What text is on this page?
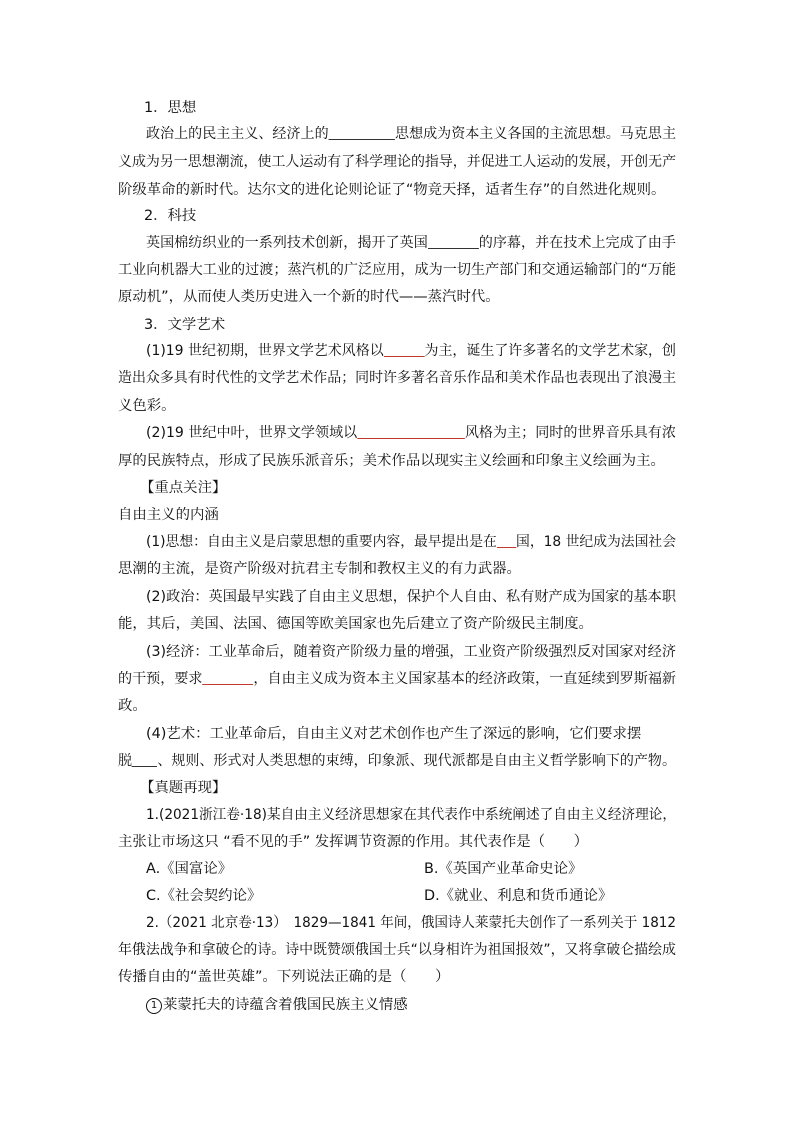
1．思想
政治上的民主主义、经济上的	思想成为资本主义各国的主流思想。马克思主
义成为另一思想潮流，使工人运动有了科学理论的指导，并促进工人运动的发展，开创无产
阶级革命的新时代。达尔文的进化论则论证了“物竞天择，适者生存”的自然进化规则。
2．科技
英国棉纺织业的一系列技术创新，揭开了英国	的序幕，并在技术上完成了由手
工业向机器大工业的过渡；蒸汽机的广泛应用，成为一切生产部门和交通运输部门的“万能
原动机”，从而使人类历史进入一个新的时代——蒸汽时代。
3．文学艺术
(1)19 世纪初期，世界文学艺术风格以	为主，诞生了许多著名的文学艺术家，创
造出众多具有时代性的文学艺术作品；同时许多著名音乐作品和美术作品也表现出了浪漫主
义色彩。
(2)19 世纪中叶，世界文学领域以	风格为主；同时的世界音乐具有浓
厚的民族特点，形成了民族乐派音乐；美术作品以现实主义绘画和印象主义绘画为主。
【重点关注】
自由主义的内涵
(1)思想：自由主义是启蒙思想的重要内容，最早提出是在 国，18 世纪成为法国社会
思潮的主流，是资产阶级对抗君主专制和教权主义的有力武器。
(2)政治：英国最早实践了自由主义思想，保护个人自由、私有财产成为国家的基本职
能，其后，美国、法国、德国等欧美国家也先后建立了资产阶级民主制度。
(3)经济：工业革命后，随着资产阶级力量的增强，工业资产阶级强烈反对国家对经济
的干预，要求	，自由主义成为资本主义国家基本的经济政策，一直延续到罗斯福新
政。
(4)艺术：工业革命后，自由主义对艺术创作也产生了深远的影响，它们要求摆
脱 、规则、形式对人类思想的束缚，印象派、现代派都是自由主义哲学影响下的产物。
【真题再现】
1.(2021浙江卷·18)某自由主义经济思想家在其代表作中系统阐述了自由主义经济理论，
主张让市场这只 “看不见的手” 发挥调节资源的作用。其代表作是（　　）
A.《国富论》	B.《英国产业革命史论》
C.《社会契约论》	D.《就业、利息和货币通论》
2.（2021 北京卷·13）　1829—1841 年间，俄国诗人莱蒙托夫创作了一系列关于 1812
年俄法战争和拿破仑的诗。诗中既赞颂俄国士兵“以身相许为祖国报效”，又将拿破仑描绘成
传播自由的“盖世英雄”。下列说法正确的是（　　）
1 莱蒙托夫的诗蕴含着俄国民族主义情感
